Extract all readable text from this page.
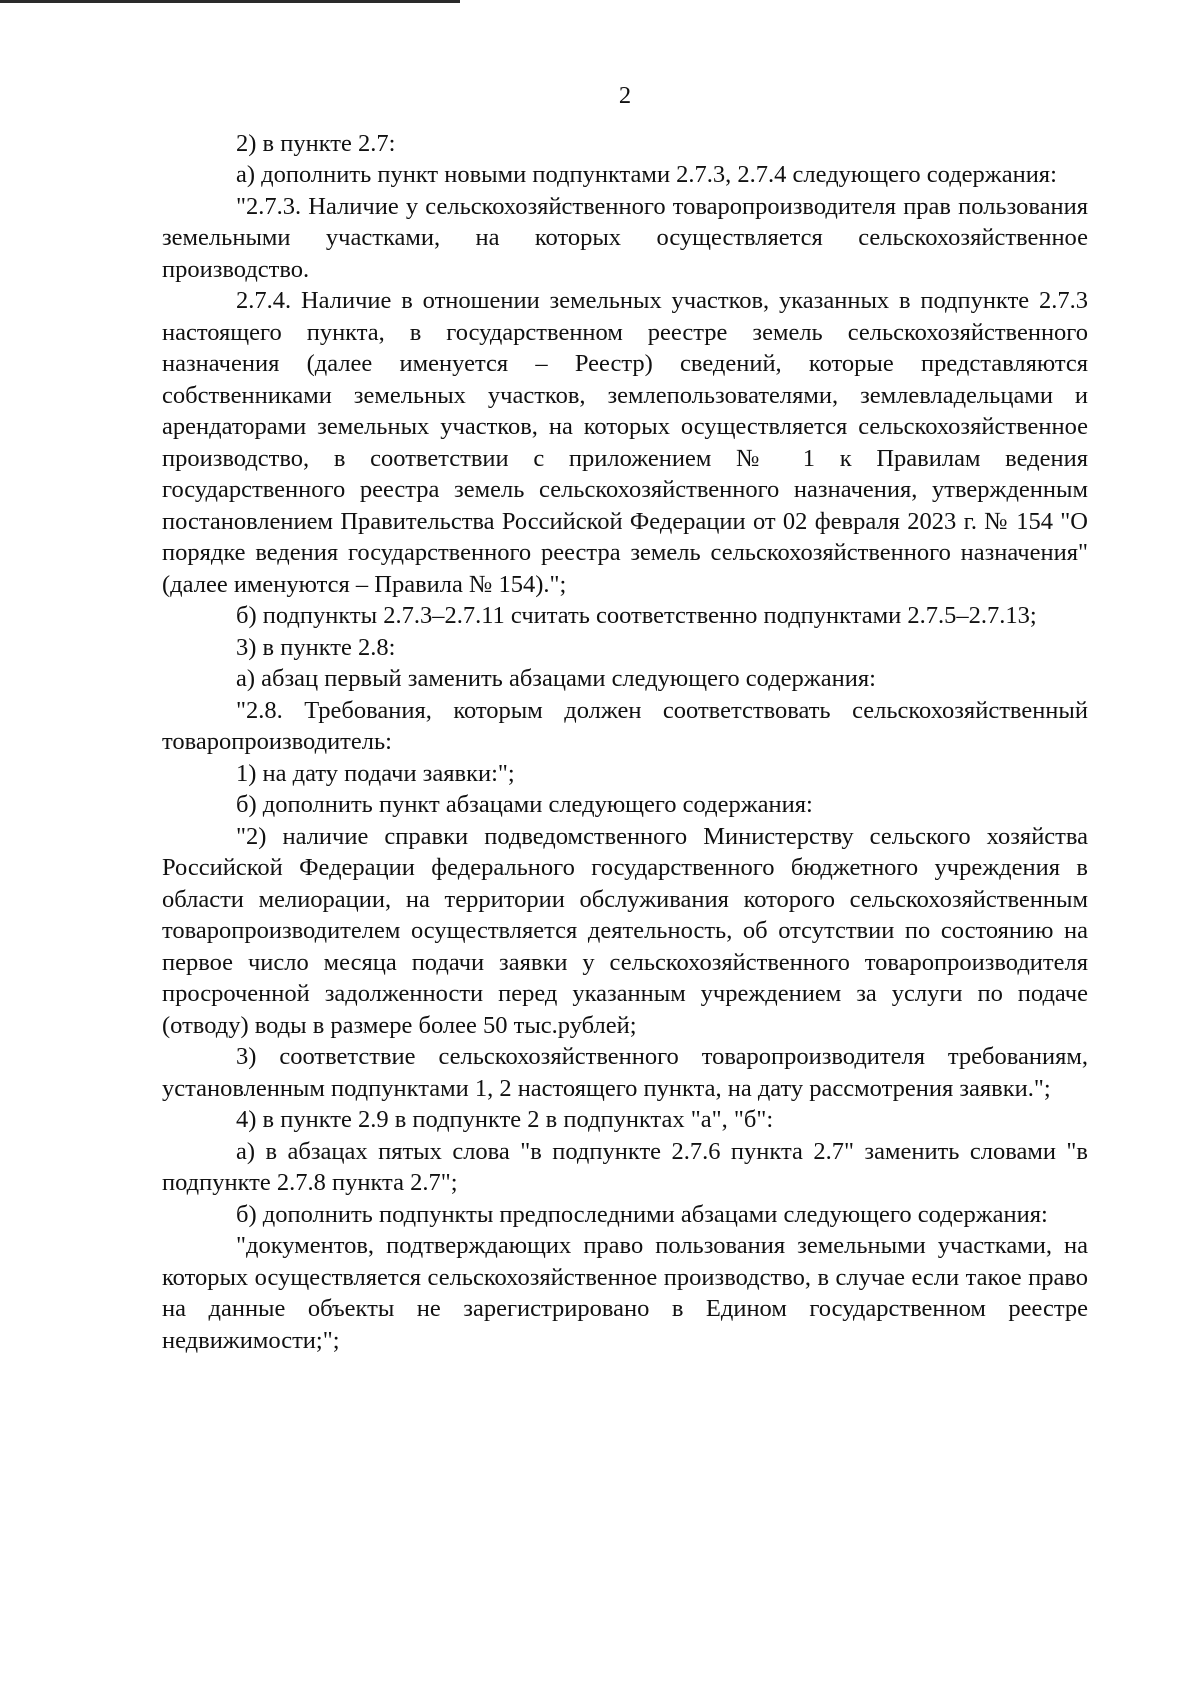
2

2) в пункте 2.7:

а) дополнить пункт новыми подпунктами 2.7.3, 2.7.4 следующего содержания:

"2.7.3. Наличие у сельскохозяйственного товаропроизводителя прав пользования земельными участками, на которых осуществляется сельскохозяйственное производство.

2.7.4. Наличие в отношении земельных участков, указанных в подпункте 2.7.3 настоящего пункта, в государственном реестре земель сельскохозяйственного назначения (далее именуется – Реестр) сведений, которые представляются собственниками земельных участков, землепользователями, землевладельцами и арендаторами земельных участков, на которых осуществляется сельскохозяйственное производство, в соответствии с приложением № 1 к Правилам ведения государственного реестра земель сельскохозяйственного назначения, утвержденным постановлением Правительства Российской Федерации от 02 февраля 2023 г. № 154 "О порядке ведения государственного реестра земель сельскохозяйственного назначения" (далее именуются – Правила № 154).";

б) подпункты 2.7.3–2.7.11 считать соответственно подпунктами 2.7.5–2.7.13;

3) в пункте 2.8:

а) абзац первый заменить абзацами следующего содержания:

"2.8. Требования, которым должен соответствовать сельскохозяйственный товаропроизводитель:

1) на дату подачи заявки:";

б) дополнить пункт абзацами следующего содержания:

"2) наличие справки подведомственного Министерству сельского хозяйства Российской Федерации федерального государственного бюджетного учреждения в области мелиорации, на территории обслуживания которого сельскохозяйственным товаропроизводителем осуществляется деятельность, об отсутствии по состоянию на первое число месяца подачи заявки у сельскохозяйственного товаропроизводителя просроченной задолженности перед указанным учреждением за услуги по подаче (отводу) воды в размере более 50 тыс.рублей;

3) соответствие сельскохозяйственного товаропроизводителя требованиям, установленным подпунктами 1, 2 настоящего пункта, на дату рассмотрения заявки.";

4) в пункте 2.9 в подпункте 2 в подпунктах "а", "б":

а) в абзацах пятых слова "в подпункте 2.7.6 пункта 2.7" заменить словами "в подпункте 2.7.8 пункта 2.7";

б) дополнить подпункты предпоследними абзацами следующего содержания:

"документов, подтверждающих право пользования земельными участками, на которых осуществляется сельскохозяйственное производство, в случае если такое право на данные объекты не зарегистрировано в Едином государственном реестре недвижимости;";
